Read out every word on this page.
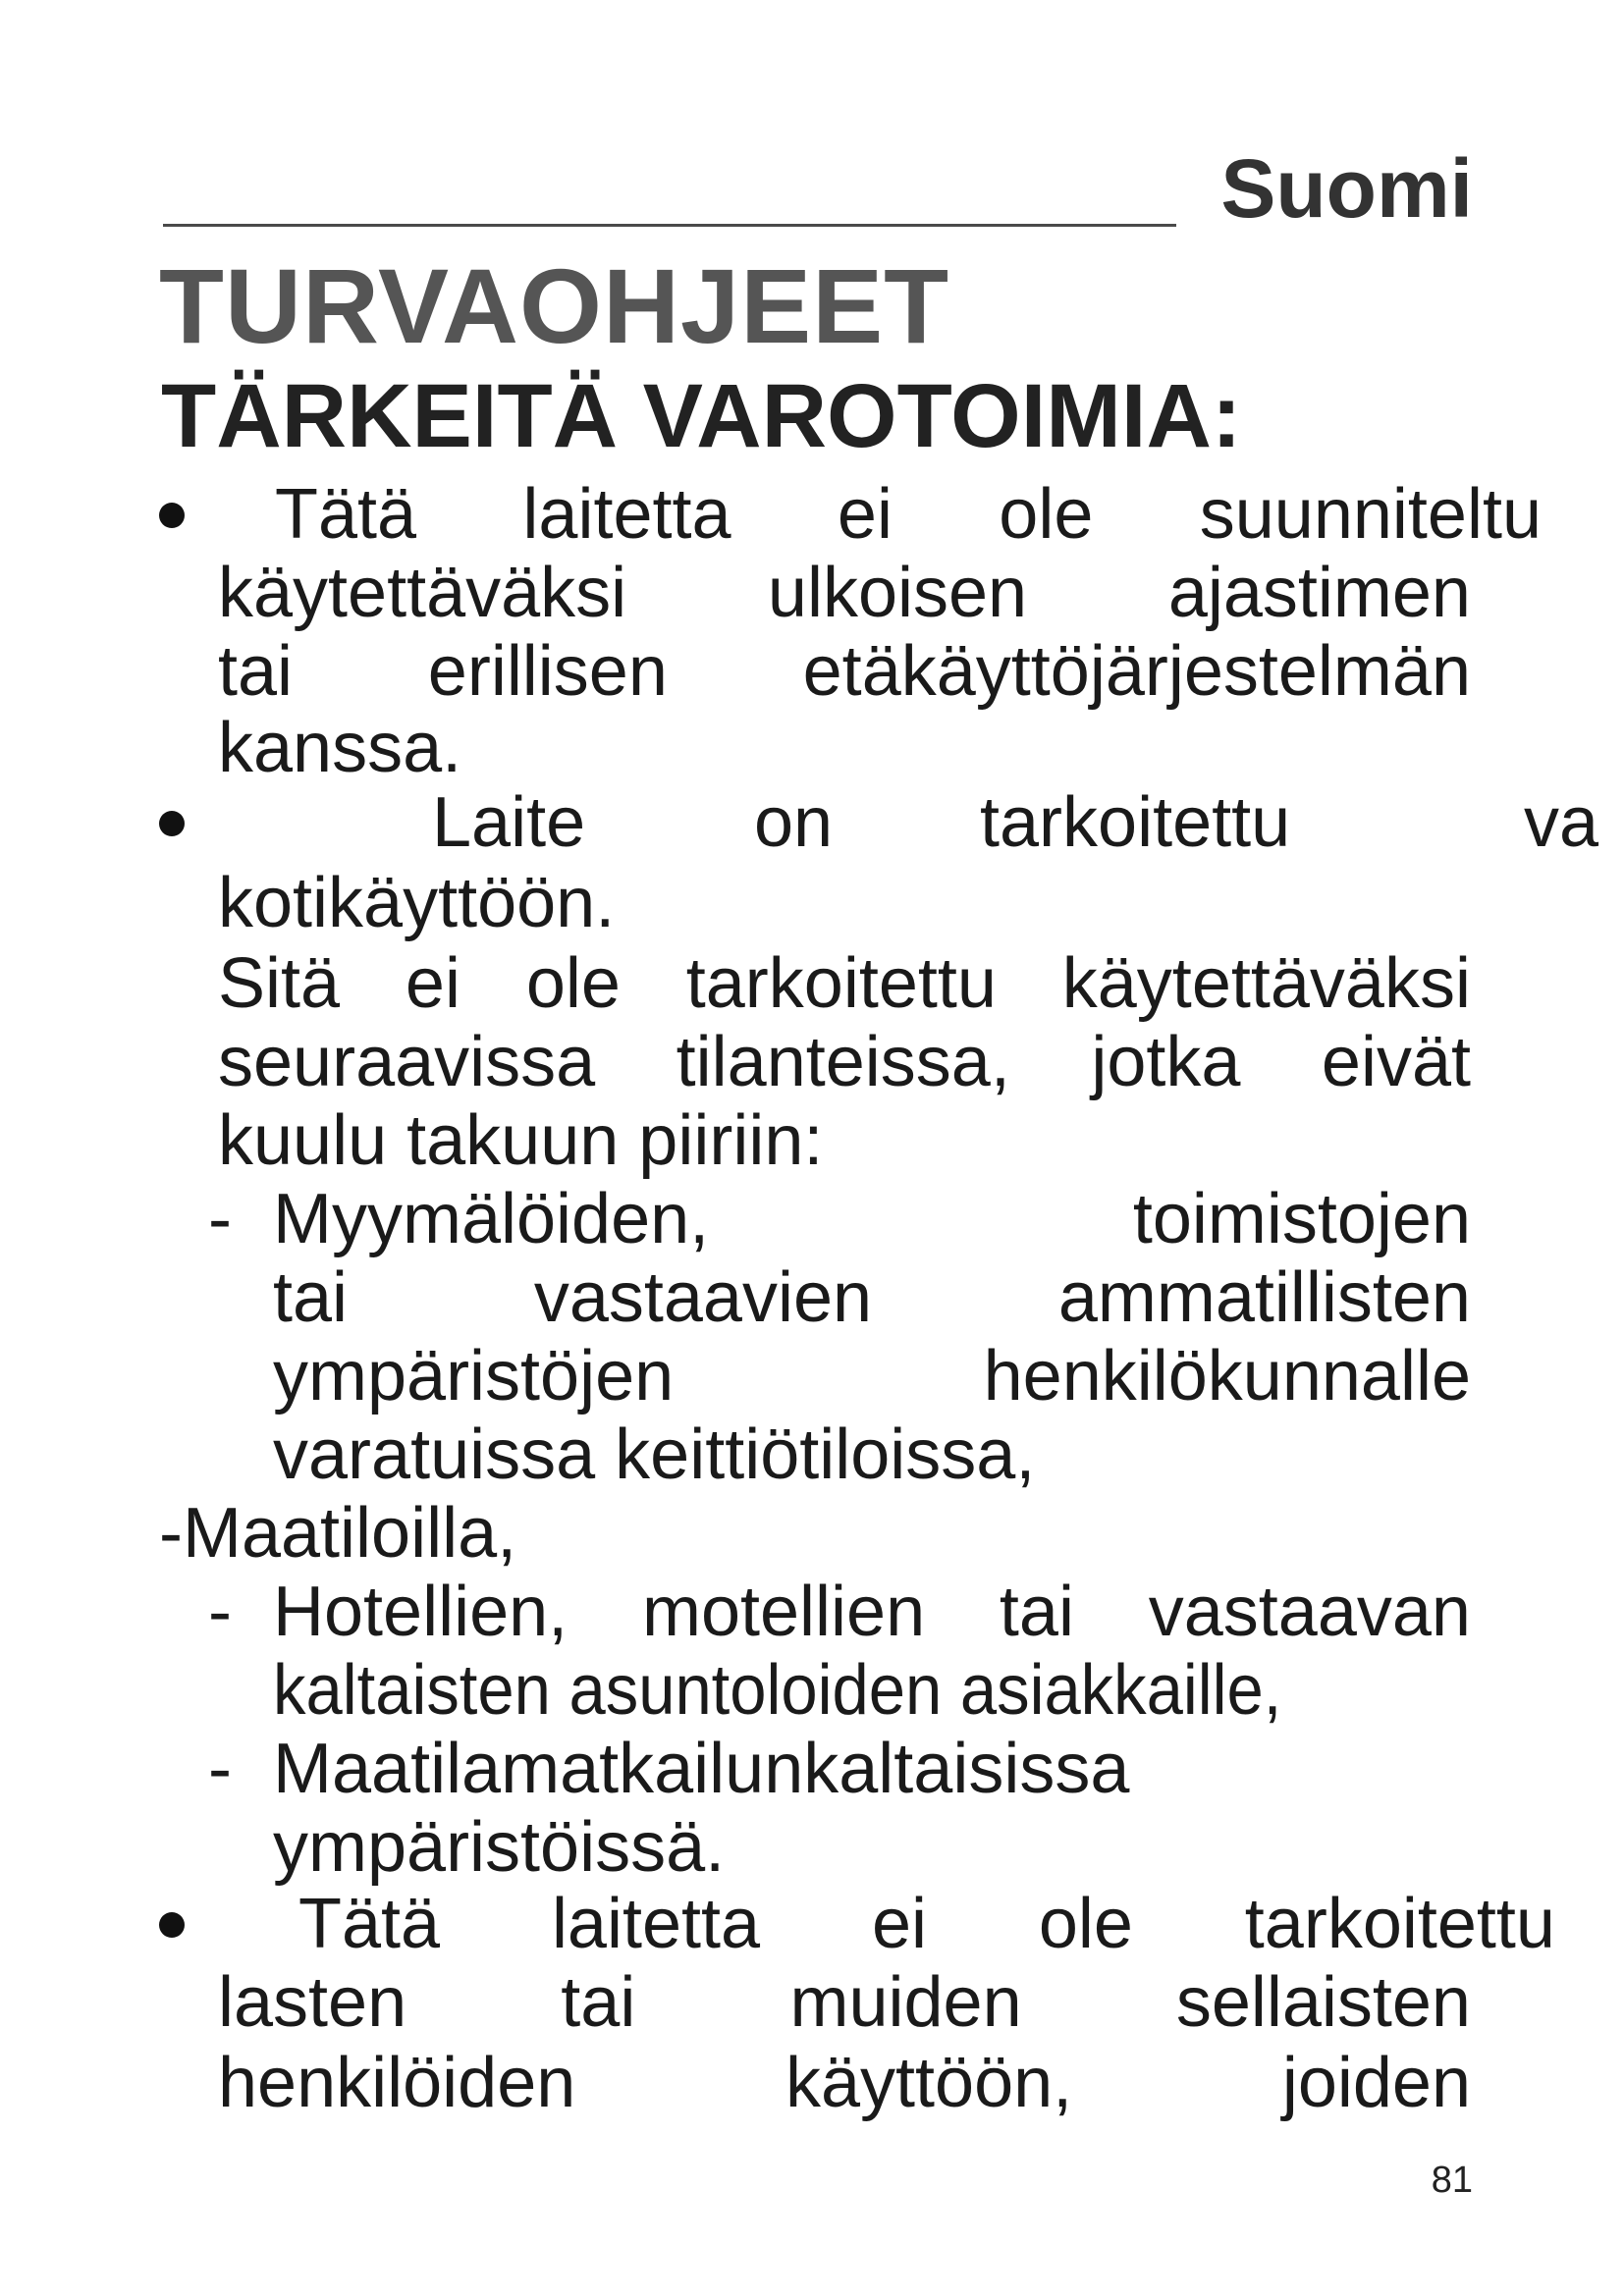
Suomi
TURVAOHJEET
TÄRKEITÄ VAROTOIMIA:
Tätä laitetta ei ole suunniteltu
käytettäväksi ulkoisen ajastimen
tai erillisen etäkäyttöjärjestelmän
kanssa.
Laite on tarkoitettu	va
kotikäyttöön.
Sitä ei ole tarkoitettu käytettäväksi
seuraavissa tilanteissa, jotka eivät
kuulu takuun piiriin:
- Myymälöiden,	toimistojen
tai	vastaavien	ammatillisten
ympäristöjen	henkilökunnalle
varatuissa keittiötiloissa,
-Maatiloilla,
- Hotellien, motellien tai vastaavan
kaltaisten asuntoloiden asiakkaille,
- Maatilamatkailunkaltaisissa
ympäristöissä.
Tätä laitetta ei ole tarkoitettu
lasten tai muiden sellaisten
henkilöiden	käyttöön,	joiden
81
